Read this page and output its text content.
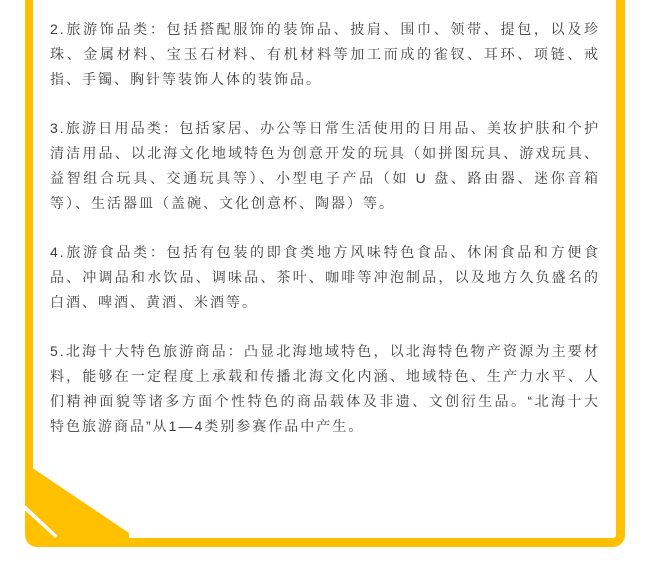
2.旅游饰品类：包括搭配服饰的装饰品、披肩、围巾、领带、提包，以及珍珠、金属材料、宝玉石材料、有机材料等加工而成的雀钗、耳环、项链、戒指、手镯、胸针等装饰人体的装饰品。

3.旅游日用品类：包括家居、办公等日常生活使用的日用品、美妆护肤和个护清洁用品、以北海文化地域特色为创意开发的玩具（如拼图玩具、游戏玩具、益智组合玩具、交通玩具等）、小型电子产品（如 U 盘、路由器、迷你音箱等）、生活器皿（盖碗、文化创意杯、陶器）等。

4.旅游食品类：包括有包装的即食类地方风味特色食品、休闲食品和方便食品、冲调品和水饮品、调味品、茶叶、咖啡等冲泡制品，以及地方久负盛名的白酒、啤酒、黄酒、米酒等。

5.北海十大特色旅游商品：凸显北海地域特色，以北海特色物产资源为主要材料，能够在一定程度上承载和传播北海文化内涵、地域特色、生产力水平、人们精神面貌等诸多方面个性特色的商品载体及非遗、文创衍生品。“北海十大特色旅游商品”从1—4类别参赛作品中产生。
